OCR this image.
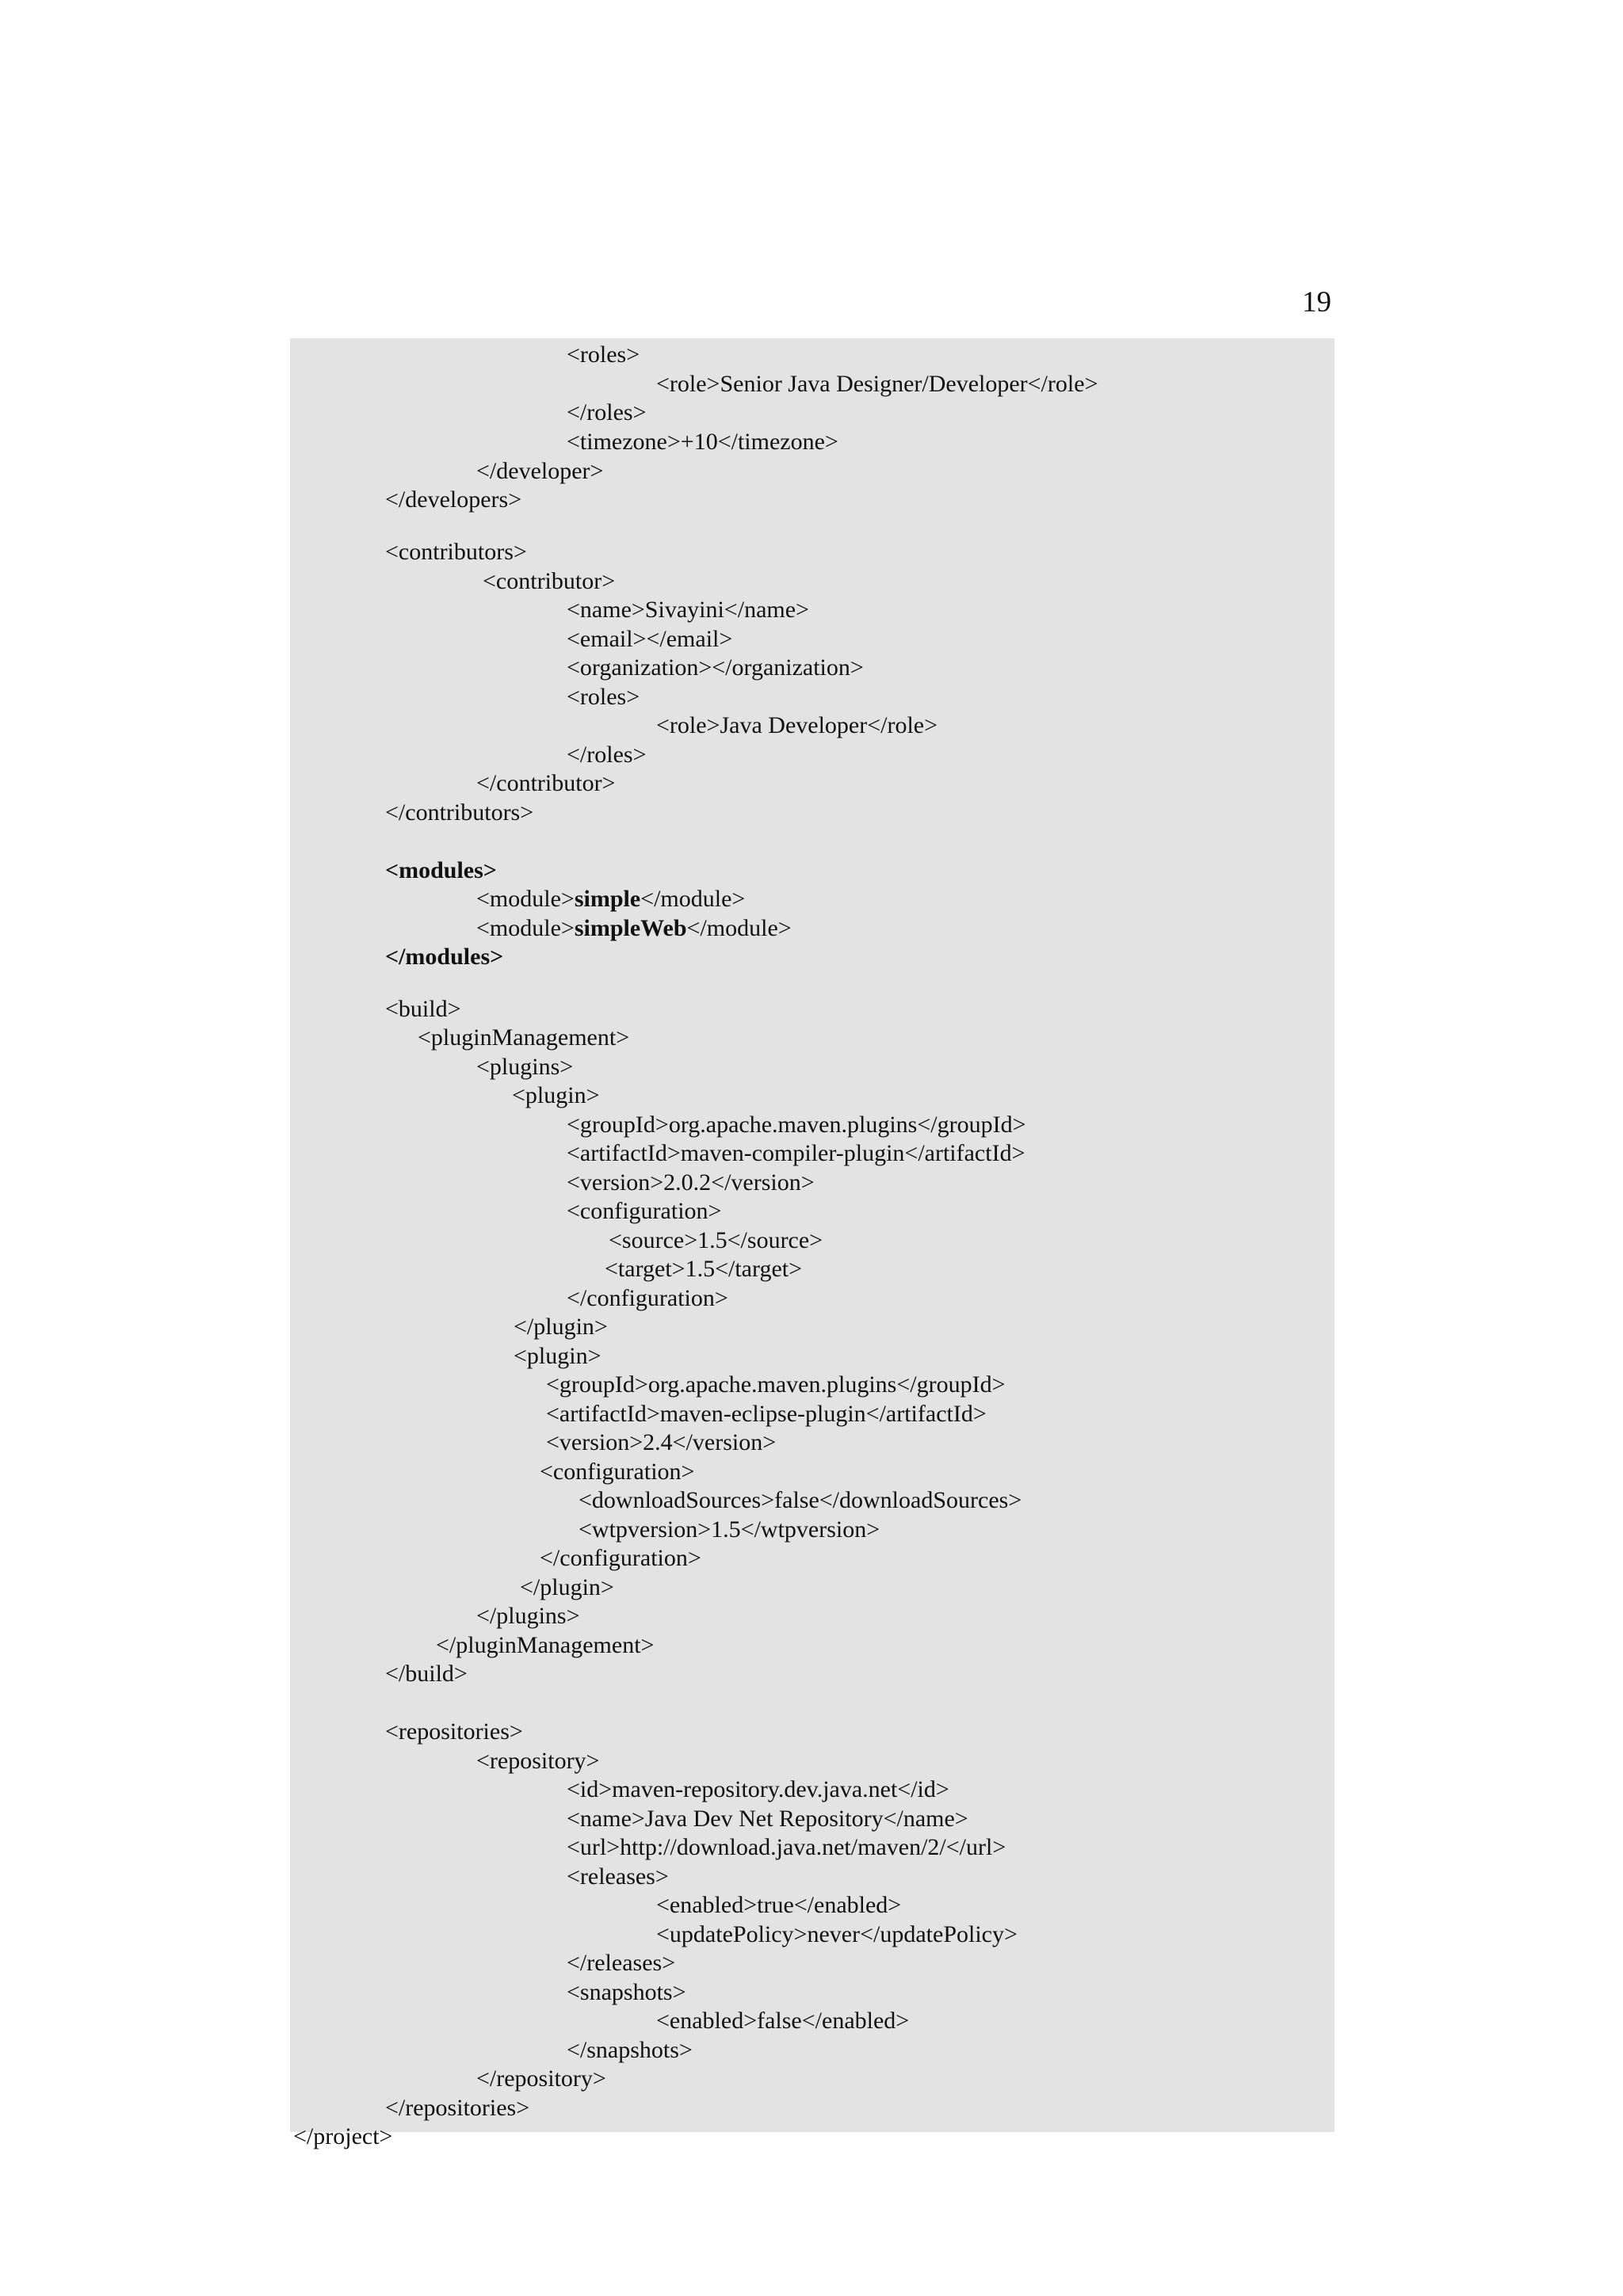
19
<roles>
<role>Senior Java Designer/Developer</role>
</roles>
<timezone>+10</timezone>
</developer>
</developers>
<contributors>
<contributor>
<name>Sivayini</name>
<email></email>
<organization></organization>
<roles>
<role>Java Developer</role>
</roles>
</contributor>
</contributors>
<modules>
<module>simple</module>
<module>simpleWeb</module>
</modules>
<build>
<pluginManagement>
<plugins>
<plugin>
<groupId>org.apache.maven.plugins</groupId>
<artifactId>maven-compiler-plugin</artifactId>
<version>2.0.2</version>
<configuration>
<source>1.5</source>
<target>1.5</target>
</configuration>
</plugin>
<plugin>
<groupId>org.apache.maven.plugins</groupId>
<artifactId>maven-eclipse-plugin</artifactId>
<version>2.4</version>
<configuration>
<downloadSources>false</downloadSources>
<wtpversion>1.5</wtpversion>
</configuration>
</plugin>
</plugins>
</pluginManagement>
</build>
<repositories>
<repository>
<id>maven-repository.dev.java.net</id>
<name>Java Dev Net Repository</name>
<url>http://download.java.net/maven/2/</url>
<releases>
<enabled>true</enabled>
<updatePolicy>never</updatePolicy>
</releases>
<snapshots>
<enabled>false</enabled>
</snapshots>
</repository>
</repositories>
</project>
